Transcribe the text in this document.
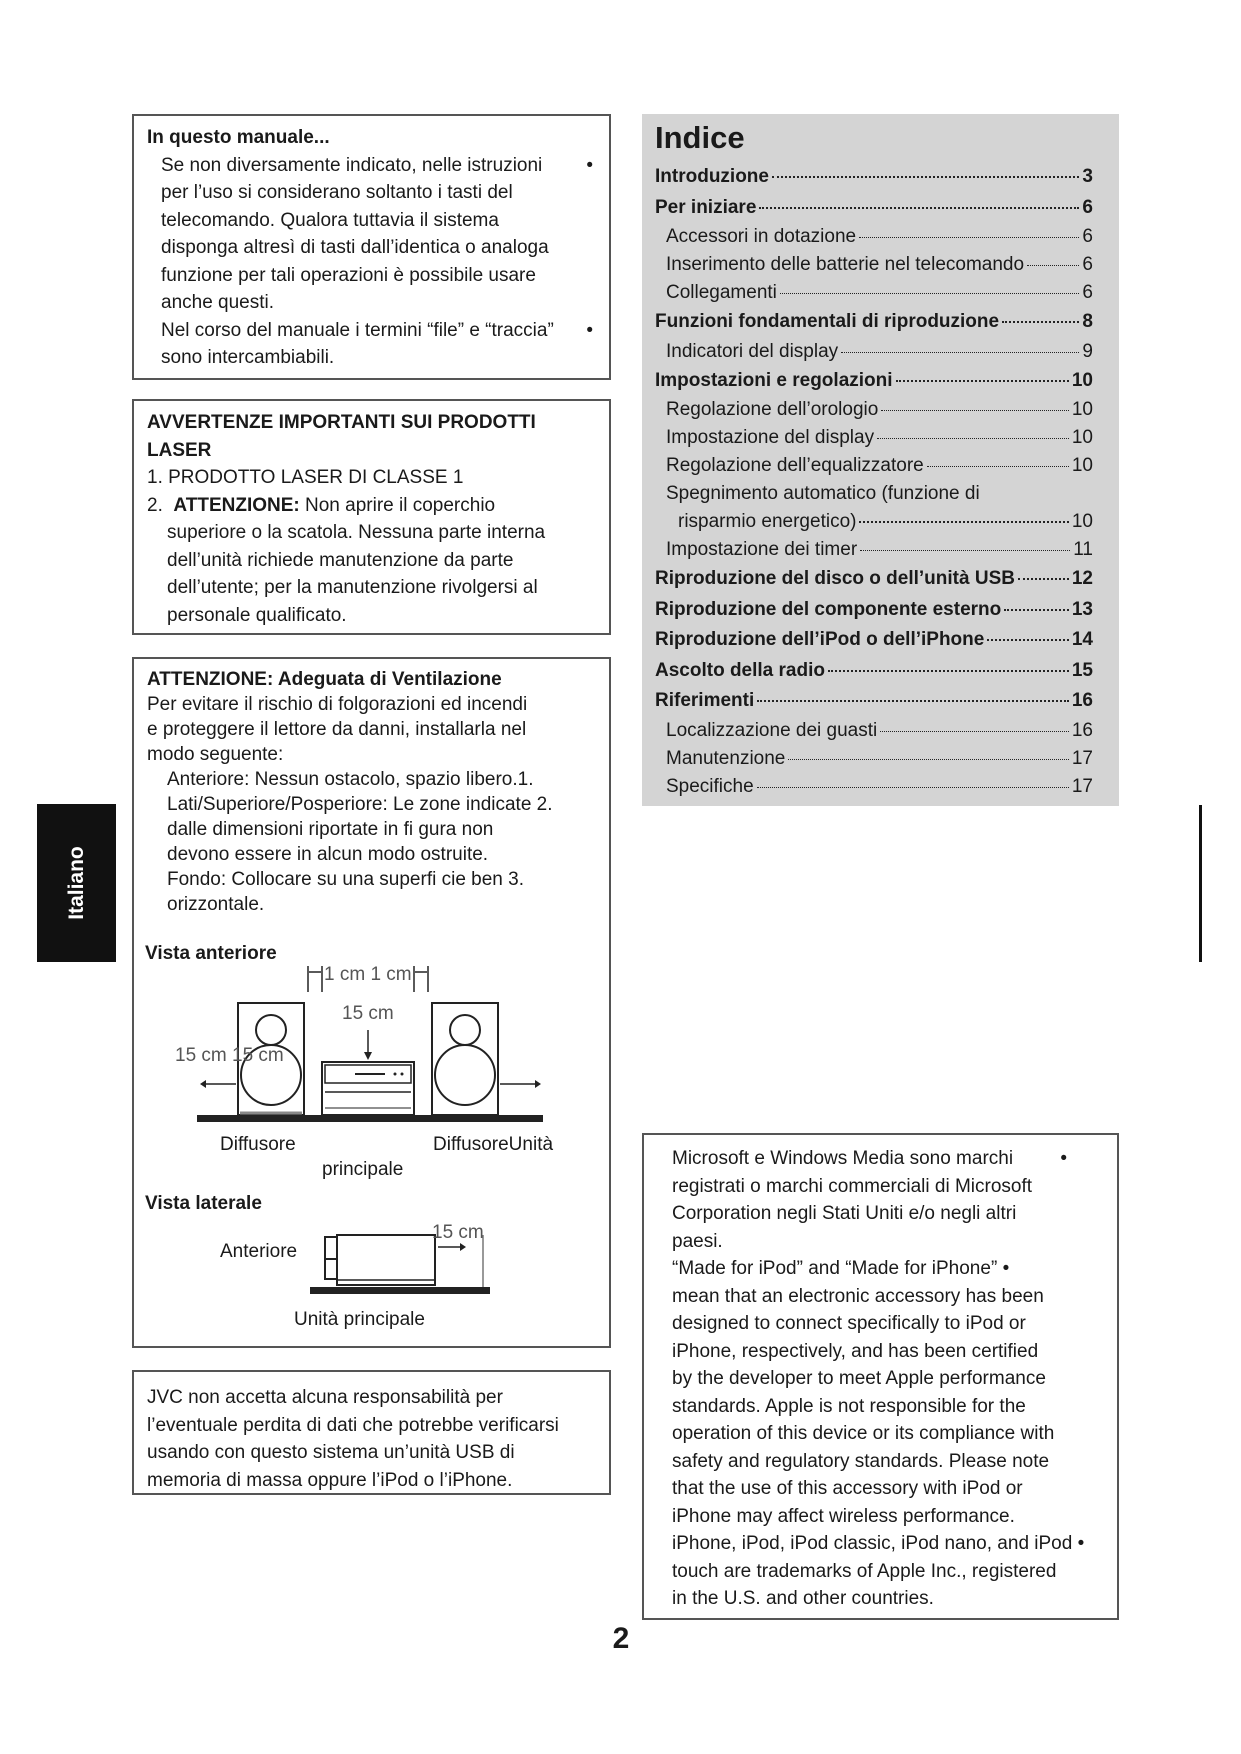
Italiano
In questo manuale...
Se non diversamente indicato, nelle istruzioni •
per l’uso si considerano soltanto i tasti del
telecomando. Qualora tuttavia il sistema
disponga altresì di tasti dall’identica o analoga
funzione per tali operazioni è possibile usare
anche questi.
Nel corso del manuale i termini “file” e “traccia” •
sono intercambiabili.
AVVERTENZE IMPORTANTI SUI PRODOTTI
LASER
1. PRODOTTO LASER DI CLASSE 1
2. ATTENZIONE: Non aprire il coperchio
superiore o la scatola. Nessuna parte interna
dell’unità richiede manutenzione da parte
dell’utente; per la manutenzione rivolgersi al
personale qualificato.
ATTENZIONE: Adeguata di Ventilazione
Per evitare il rischio di folgorazioni ed incendi
e proteggere il lettore da danni, installarla nel
modo seguente:
Anteriore: Nessun ostacolo, spazio libero.1.
Lati/Superiore/Posperiore: Le zone indicate 2.
dalle dimensioni riportate in fi gura non
devono essere in alcun modo ostruite.
Fondo: Collocare su una superfi cie ben 3.
orizzontale.
Vista anteriore
1 cm 1 cm
15 cm
15 cm 15 cm
Diffusore	DiffusoreUnità
principale
Vista laterale
Anteriore
15 cm
Unità principale
JVC non accetta alcuna responsabilità per
l’eventuale perdita di dati che potrebbe verificarsi
usando con questo sistema un’unità USB di
memoria di massa oppure l’iPod o l’iPhone.
Indice
Introduzione	3
Per iniziare	6
Accessori in dotazione	6
Inserimento delle batterie nel telecomando	6
Collegamenti	6
Funzioni fondamentali di riproduzione	8
Indicatori del display	9
Impostazioni e regolazioni	10
Regolazione dell’orologio	10
Impostazione del display	10
Regolazione dell’equalizzatore	10
Spegnimento automatico (funzione di
risparmio energetico)	10
Impostazione dei timer	11
Riproduzione del disco o dell’unità USB	12
Riproduzione del componente esterno	13
Riproduzione dell’iPod o dell’iPhone	14
Ascolto della radio	15
Riferimenti	16
Localizzazione dei guasti	16
Manutenzione	17
Specifiche	17
Microsoft e Windows Media sono marchi •
registrati o marchi commerciali di Microsoft
Corporation negli Stati Uniti e/o negli altri
paesi.
“Made for iPod” and “Made for iPhone” •
mean that an electronic accessory has been
designed to connect specifically to iPod or
iPhone, respectively, and has been certified
by the developer to meet Apple performance
standards. Apple is not responsible for the
operation of this device or its compliance with
safety and regulatory standards. Please note
that the use of this accessory with iPod or
iPhone may affect wireless performance.
iPhone, iPod, iPod classic, iPod nano, and iPod •
touch are trademarks of Apple Inc., registered
in the U.S. and other countries.
2
